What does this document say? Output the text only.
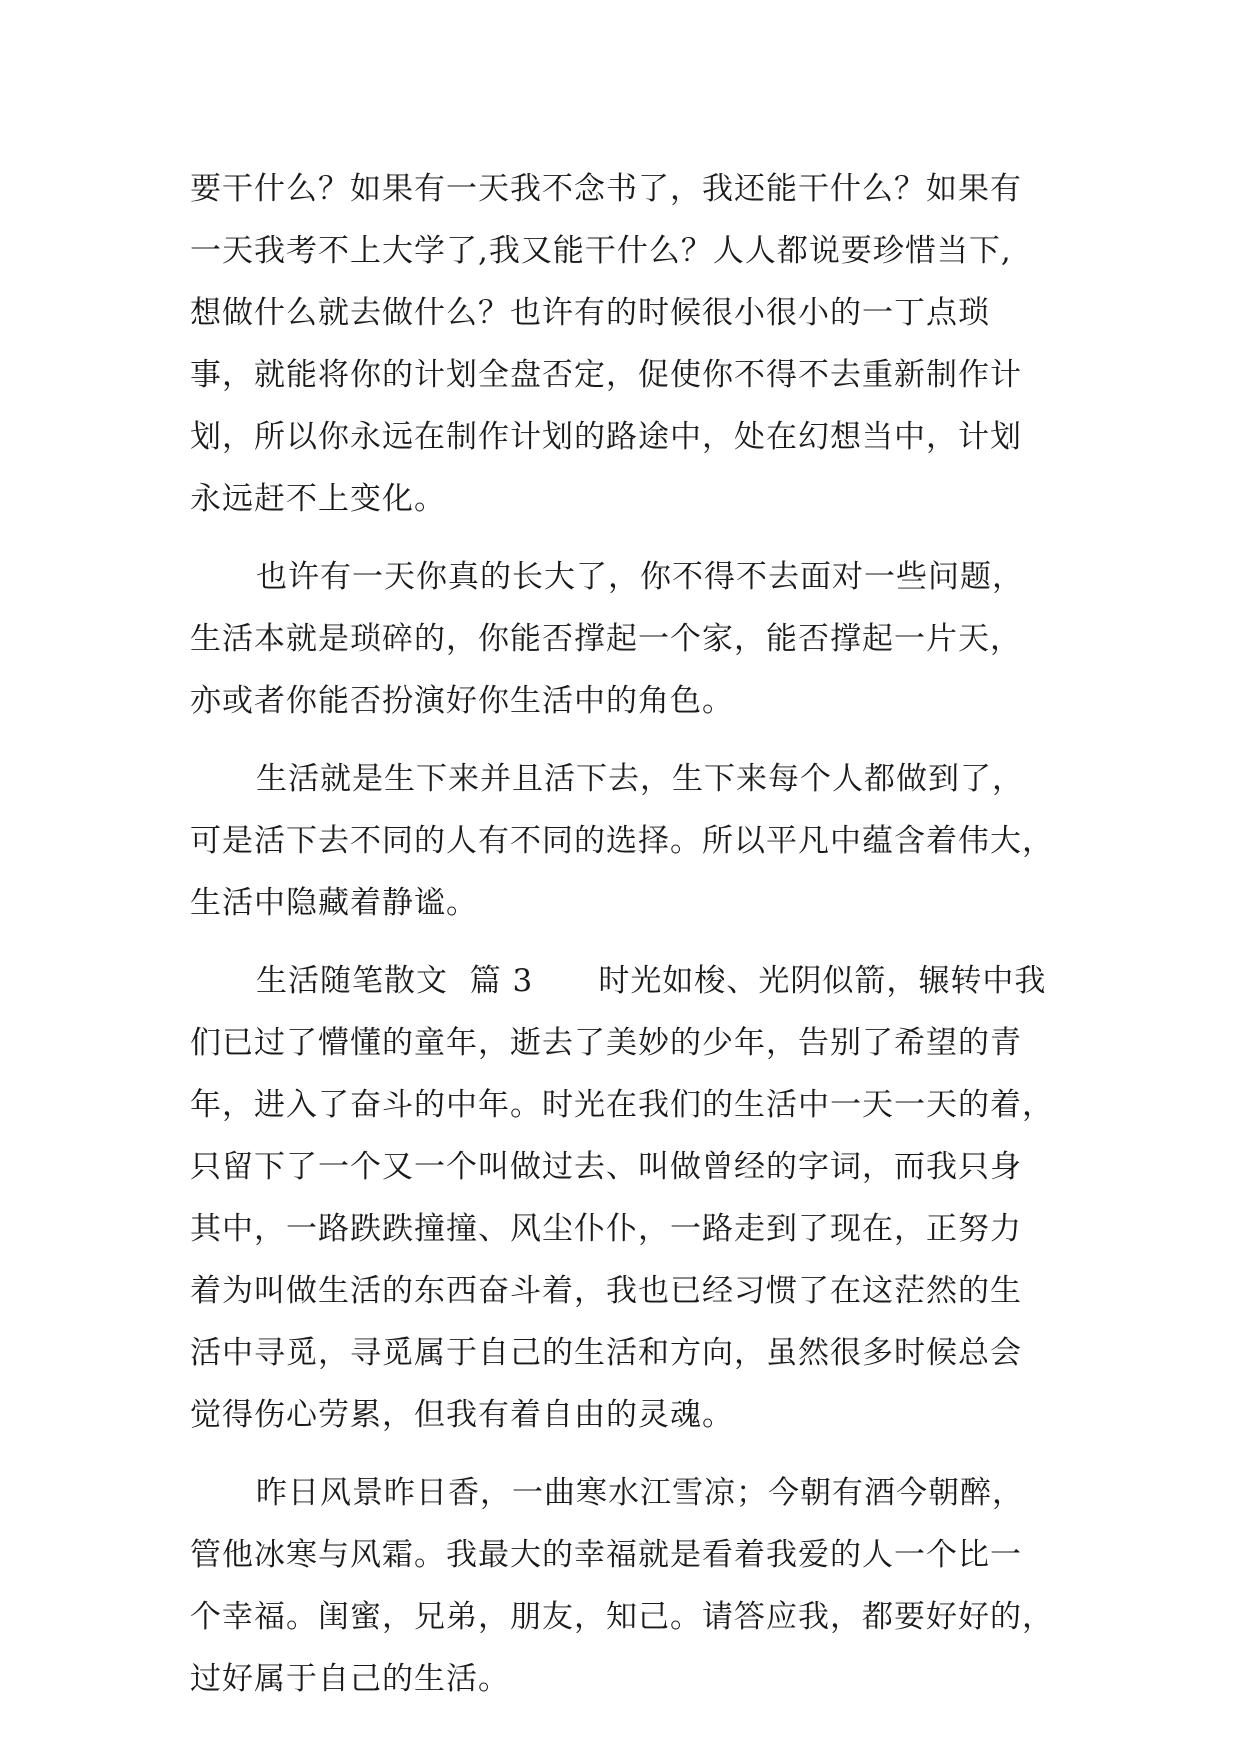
要干什么？如果有一天我不念书了，我还能干什么？如果有
一天我考不上大学了,我又能干什么？人人都说要珍惜当下,
想做什么就去做什么？也许有的时候很小很小的一丁点琐
事，就能将你的计划全盘否定，促使你不得不去重新制作计
划，所以你永远在制作计划的路途中，处在幻想当中，计划
永远赶不上变化。
也许有一天你真的长大了，你不得不去面对一些问题，
生活本就是琐碎的，你能否撑起一个家，能否撑起一片天，
亦或者你能否扮演好你生活中的角色。
生活就是生下来并且活下去，生下来每个人都做到了，
可是活下去不同的人有不同的选择。所以平凡中蕴含着伟大，
生活中隐藏着静谧。
生活随笔散文  篇 3      时光如梭、光阴似箭，辗转中我
们已过了懵懂的童年，逝去了美妙的少年，告别了希望的青
年，进入了奋斗的中年。时光在我们的生活中一天一天的着，
只留下了一个又一个叫做过去、叫做曾经的字词，而我只身
其中，一路跌跌撞撞、风尘仆仆，一路走到了现在，正努力
着为叫做生活的东西奋斗着，我也已经习惯了在这茫然的生
活中寻觅，寻觅属于自己的生活和方向，虽然很多时候总会
觉得伤心劳累，但我有着自由的灵魂。
昨日风景昨日香，一曲寒水江雪凉；今朝有酒今朝醉，
管他冰寒与风霜。我最大的幸福就是看着我爱的人一个比一
个幸福。闺蜜，兄弟，朋友，知己。请答应我，都要好好的，
过好属于自己的生活。
